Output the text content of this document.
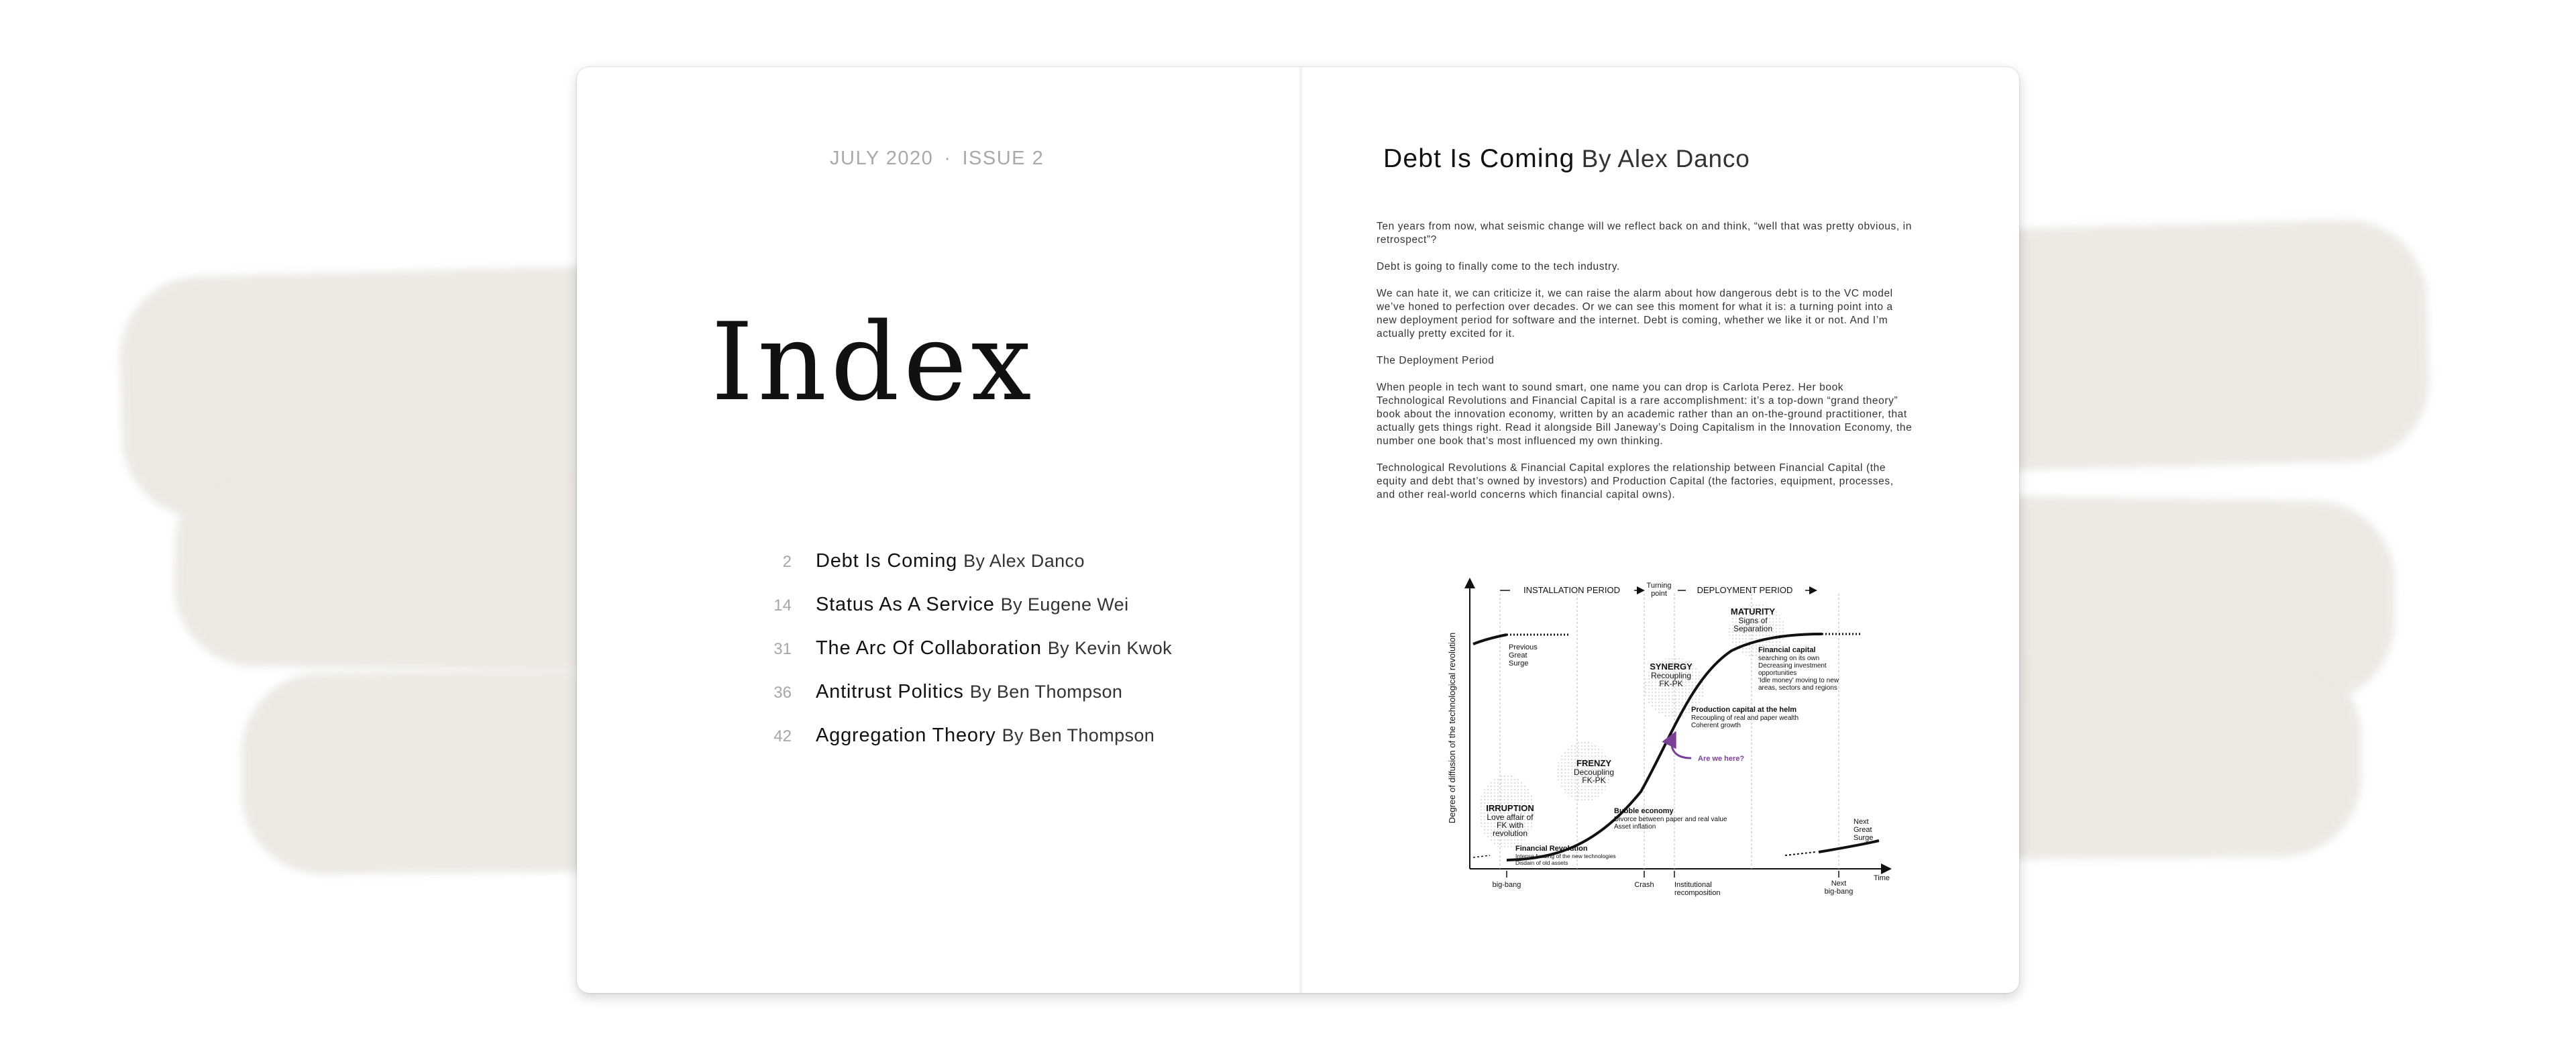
JULY 2020 · ISSUE 2
Index
2 Debt Is Coming By Alex Danco
14 Status As A Service By Eugene Wei
31 The Arc Of Collaboration By Kevin Kwok
36 Antitrust Politics By Ben Thompson
42 Aggregation Theory By Ben Thompson
Debt Is Coming By Alex Danco

Ten years from now, what seismic change will we reflect back on and think, “well that was pretty obvious, in retrospect”?

Debt is going to finally come to the tech industry.

We can hate it, we can criticize it, we can raise the alarm about how dangerous debt is to the VC model we’ve honed to perfection over decades. Or we can see this moment for what it is: a turning point into a new deployment period for software and the internet. Debt is coming, whether we like it or not. And I’m actually pretty excited for it.

The Deployment Period

When people in tech want to sound smart, one name you can drop is Carlota Perez. Her book Technological Revolutions and Financial Capital is a rare accomplishment: it’s a top-down “grand theory” book about the innovation economy, written by an academic rather than an on-the-ground practitioner, that actually gets things right. Read it alongside Bill Janeway’s Doing Capitalism in the Innovation Economy, the number one book that’s most influenced my own thinking.

Technological Revolutions & Financial Capital explores the relationship between Financial Capital (the equity and debt that’s owned by investors) and Production Capital (the factories, equipment, processes, and other real-world concerns which financial capital owns).

Degree of diffusion of the technological revolution
INSTALLATION PERIOD	Turning
point	DEPLOYMENT PERIOD
MATURITY
Signs of
Separation
Previous
Great
Surge	SYNERGY
Recoupling
FK-PK
Financial capital
searching on its own
Decreasing investment
opportunities
'Idle money' moving to new
areas, sectors and regions
Production capital at the helm
Recoupling of real and paper wealth
Coherent growth
FRENZY
Decoupling
FK-PK
Are we here?
IRRUPTION
Love affair of
FK with
revolution
Bubble economy
Divorce between paper and real value
Asset inflation
Financial Revolution
Intense funding of the new technologies
Disdain of old assets
Next
Great
Surge
big-bang	Crash	Institutional
recomposition
Next
big-bang
Time
